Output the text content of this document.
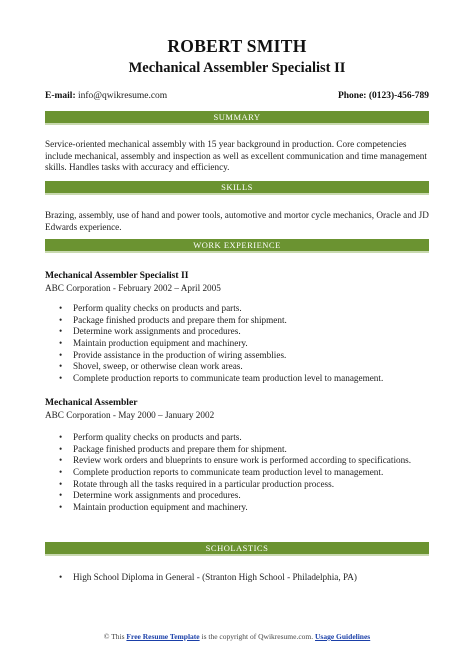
ROBERT SMITH
Mechanical Assembler Specialist II
E-mail: info@qwikresume.com	Phone: (0123)-456-789
SUMMARY
Service-oriented mechanical assembly with 15 year background in production. Core competencies include mechanical, assembly and inspection as well as excellent communication and time management skills. Handles tasks with accuracy and efficiency.
SKILLS
Brazing, assembly, use of hand and power tools, automotive and mortor cycle mechanics, Oracle and JD Edwards experience.
WORK EXPERIENCE
Mechanical Assembler Specialist II
ABC Corporation - February 2002 – April 2005
• Perform quality checks on products and parts.
• Package finished products and prepare them for shipment.
• Determine work assignments and procedures.
• Maintain production equipment and machinery.
• Provide assistance in the production of wiring assemblies.
• Shovel, sweep, or otherwise clean work areas.
• Complete production reports to communicate team production level to management.
Mechanical Assembler
ABC Corporation - May 2000 – January 2002
• Perform quality checks on products and parts.
• Package finished products and prepare them for shipment.
• Review work orders and blueprints to ensure work is performed according to specifications.
• Complete production reports to communicate team production level to management.
• Rotate through all the tasks required in a particular production process.
• Determine work assignments and procedures.
• Maintain production equipment and machinery.
SCHOLASTICS
• High School Diploma in General - (Stranton High School - Philadelphia, PA)
© This Free Resume Template is the copyright of Qwikresume.com. Usage Guidelines
